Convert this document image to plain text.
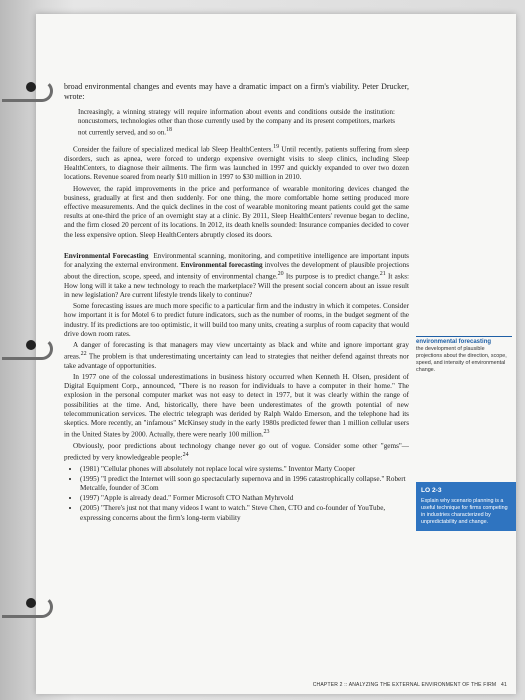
broad environmental changes and events may have a dramatic impact on a firm's viability. Peter Drucker, wrote:

Increasingly, a winning strategy will require information about events and conditions outside the institution: noncustomers, technologies other than those currently used by the company and its present competitors, markets not currently served, and so on.$^{18}$

Consider the failure of specialized medical lab Sleep HealthCenters.$^{19}$ Until recently, patients suffering from sleep disorders, such as apnea, were forced to undergo expensive overnight visits to sleep clinics, including Sleep HealthCenters, to diagnose their ailments. The firm was launched in 1997 and quickly expanded to over two dozen locations. Revenue soared from nearly $10 million in 1997 to $30 million in 2010.

However, the rapid improvements in the price and performance of wearable monitoring devices changed the business, gradually at first and then suddenly. For one thing, the more comfortable home setting produced more effective measurements. And the quick declines in the cost of wearable monitoring meant patients could get the same results at one-third the price of an overnight stay at a clinic. By 2011, Sleep HealthCenters' revenue began to decline, and the firm closed 20 percent of its locations. In 2012, its death knells sounded: Insurance companies decided to cover the less expensive option. Sleep HealthCenters abruptly closed its doors.

Environmental Forecasting Environmental scanning, monitoring, and competitive intelligence are important inputs for analyzing the external environment. Environmental forecasting involves the development of plausible projections about the direction, scope, speed, and intensity of environmental change.$^{20}$ Its purpose is to predict change.$^{21}$ It asks: How long will it take a new technology to reach the marketplace? Will the present social concern about an issue result in new legislation? Are current lifestyle trends likely to continue?

Some forecasting issues are much more specific to a particular firm and the industry in which it competes. Consider how important it is for Motel 6 to predict future indicators, such as the number of rooms, in the budget segment of the industry. If its predictions are too optimistic, it will build too many units, creating a surplus of room capacity that would drive down room rates.

A danger of forecasting is that managers may view uncertainty as black and white and ignore important gray areas.$^{22}$ The problem is that underestimating uncertainty can lead to strategies that neither defend against threats nor take advantage of opportunities.

In 1977 one of the colossal underestimations in business history occurred when Kenneth H. Olsen, president of Digital Equipment Corp., announced, "There is no reason for individuals to have a computer in their home." The explosion in the personal computer market was not easy to detect in 1977, but it was clearly within the range of possibilities at the time. And, historically, there have been underestimates of the growth potential of new telecommunication services. The electric telegraph was derided by Ralph Waldo Emerson, and the telephone had its skeptics. More recently, an "infamous" McKinsey study in the early 1980s predicted fewer than 1 million cellular users in the United States by 2000. Actually, there were nearly 100 million.$^{23}$

Obviously, poor predictions about technology change never go out of vogue. Consider some other "gems"—predicted by very knowledgeable people:$^{24}$

• (1981) "Cellular phones will absolutely not replace local wire systems." Inventor Marty Cooper
• (1995) "I predict the Internet will soon go spectacularly supernova and in 1996 catastrophically collapse." Robert Metcalfe, founder of 3Com
• (1997) "Apple is already dead." Former Microsoft CTO Nathan Myhrvold
• (2005) "There's just not that many videos I want to watch." Steve Chen, CTO and co-founder of YouTube, expressing concerns about the firm's long-term viability
environmental forecasting
the development of plausible projections about the direction, scope, speed, and intensity of environmental change.
LO 2-3
Explain why scenario planning is a useful technique for firms competing in industries characterized by unpredictability and change.
CHAPTER 2 :: ANALYZING THE EXTERNAL ENVIRONMENT OF THE FIRM 41
